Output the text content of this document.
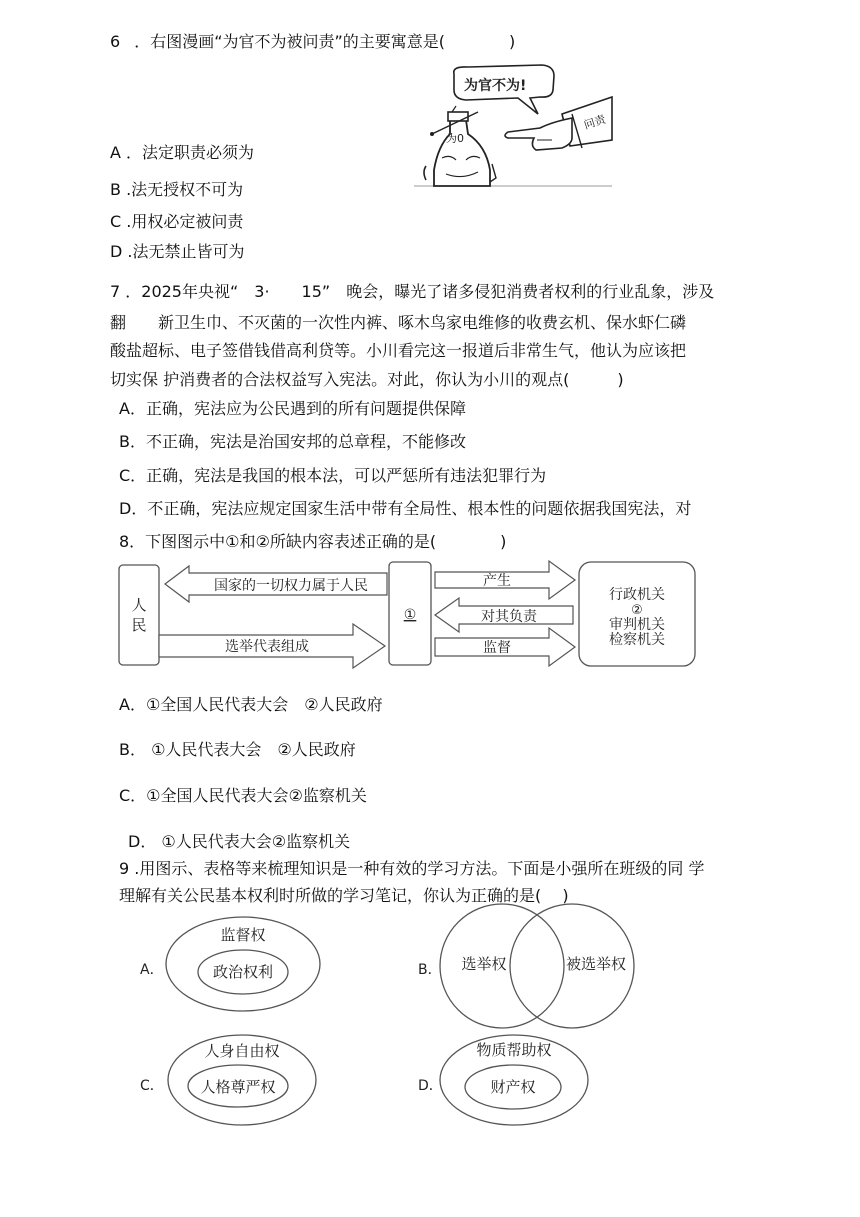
6 ．右图漫画“为官不为被问责”的主要寓意是(　　　　)
为官不为!
问责
为0
A ．法定职责必须为
B .法无授权不可为
C .用权必定被问责
D .法无禁止皆可为
7 ．2025年央视“　3·　　15”　晚会，曝光了诸多侵犯消费者权利的行业乱象，涉及
翻　　新卫生巾、不灭菌的一次性内裤、啄木鸟家电维修的收费玄机、保水虾仁磷
酸盐超标、电子签借钱借高利贷等。小川看完这一报道后非常生气，他认为应该把
切实保 护消费者的合法权益写入宪法。对此，你认为小川的观点(　　　)
A．正确，宪法应为公民遇到的所有问题提供保障
B．不正确，宪法是治国安邦的总章程，不能修改
C．正确，宪法是我国的根本法，可以严惩所有违法犯罪行为
D．不正确，宪法应规定国家生活中带有全局性、根本性的问题依据我国宪法，对
8．下图图示中①和②所缺内容表述正确的是(　　　　)
人
民
国家的一切权力属于人民
选举代表组成
①
产生
对其负责
监督
行政机关
②
审判机关
检察机关
A．①全国人民代表大会　②人民政府
B． ①人民代表大会　②人民政府
C．①全国人民代表大会②监察机关
D． ①人民代表大会②监察机关
9 .用图示、表格等来梳理知识是一种有效的学习方法。下面是小强所在班级的同 学
理解有关公民基本权利时所做的学习笔记，你认为正确的是(　 )
A．
监督权
政治权利	B． 选举权	被选举权
C．
人身自由权
人格尊严权	D．
物质帮助权
财产权
